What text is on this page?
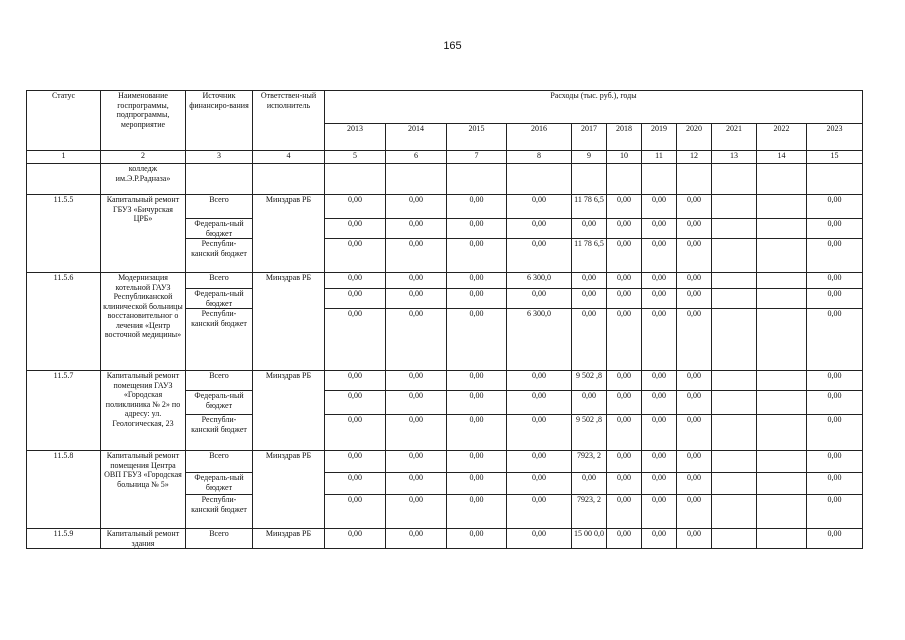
165
Статус	Наименование госпрограммы, подпрограммы, мероприятие	Источник финансиро-вания	Ответствен-ный исполнитель	Расходы (тыс. руб.), годы										
				2013	2014	2015	2016	2017	2018	2019	2020	2021	2022	2023
1	2	3	4	5	6	7	8	9	10	11	12	13	14	15
	колледж им.Э.Р.Радназа»													
11.5.5	Капитальный ремонт ГБУЗ «Бичурская ЦРБ»	Всего	Минздрав РБ	0,00	0,00	0,00	0,00	11 78 6,5	0,00	0,00	0,00			0,00
		Федераль-ный бюджет		0,00	0,00	0,00	0,00	0,00	0,00	0,00	0,00			0,00
		Республи-канский бюджет		0,00	0,00	0,00	0,00	11 78 6,5	0,00	0,00	0,00			0,00
11.5.6	Модернизация котельной ГАУЗ Республиканской клинической больницы восстановительног о лечения «Центр восточной медицины»	Всего	Минздрав РБ	0,00	0,00	0,00	6 300,0	0,00	0,00	0,00	0,00			0,00
		Федераль-ный бюджет		0,00	0,00	0,00	0,00	0,00	0,00	0,00	0,00			0,00
		Республи-канский бюджет		0,00	0,00	0,00	6 300,0	0,00	0,00	0,00	0,00			0,00
11.5.7	Капитальный ремонт помещения ГАУЗ «Городская поликлиника № 2» по адресу: ул. Геологическая, 23	Всего	Минздрав РБ	0,00	0,00	0,00	0,00	9 502 ,8	0,00	0,00	0,00			0,00
		Федераль-ный бюджет		0,00	0,00	0,00	0,00	0,00	0,00	0,00	0,00			0,00
		Республи-канский бюджет		0,00	0,00	0,00	0,00	9 502 ,8	0,00	0,00	0,00			0,00
11.5.8	Капитальный ремонт помещения Центра ОВП ГБУЗ «Городская больница № 5»	Всего	Минздрав РБ	0,00	0,00	0,00	0,00	7923, 2	0,00	0,00	0,00			0,00
		Федераль-ный бюджет		0,00	0,00	0,00	0,00	0,00	0,00	0,00	0,00			0,00
		Республи-канский бюджет		0,00	0,00	0,00	0,00	7923, 2	0,00	0,00	0,00			0,00
11.5.9	Капитальный ремонт здания	Всего	Минздрав РБ	0,00	0,00	0,00	0,00	15 00 0,0	0,00	0,00	0,00			0,00
